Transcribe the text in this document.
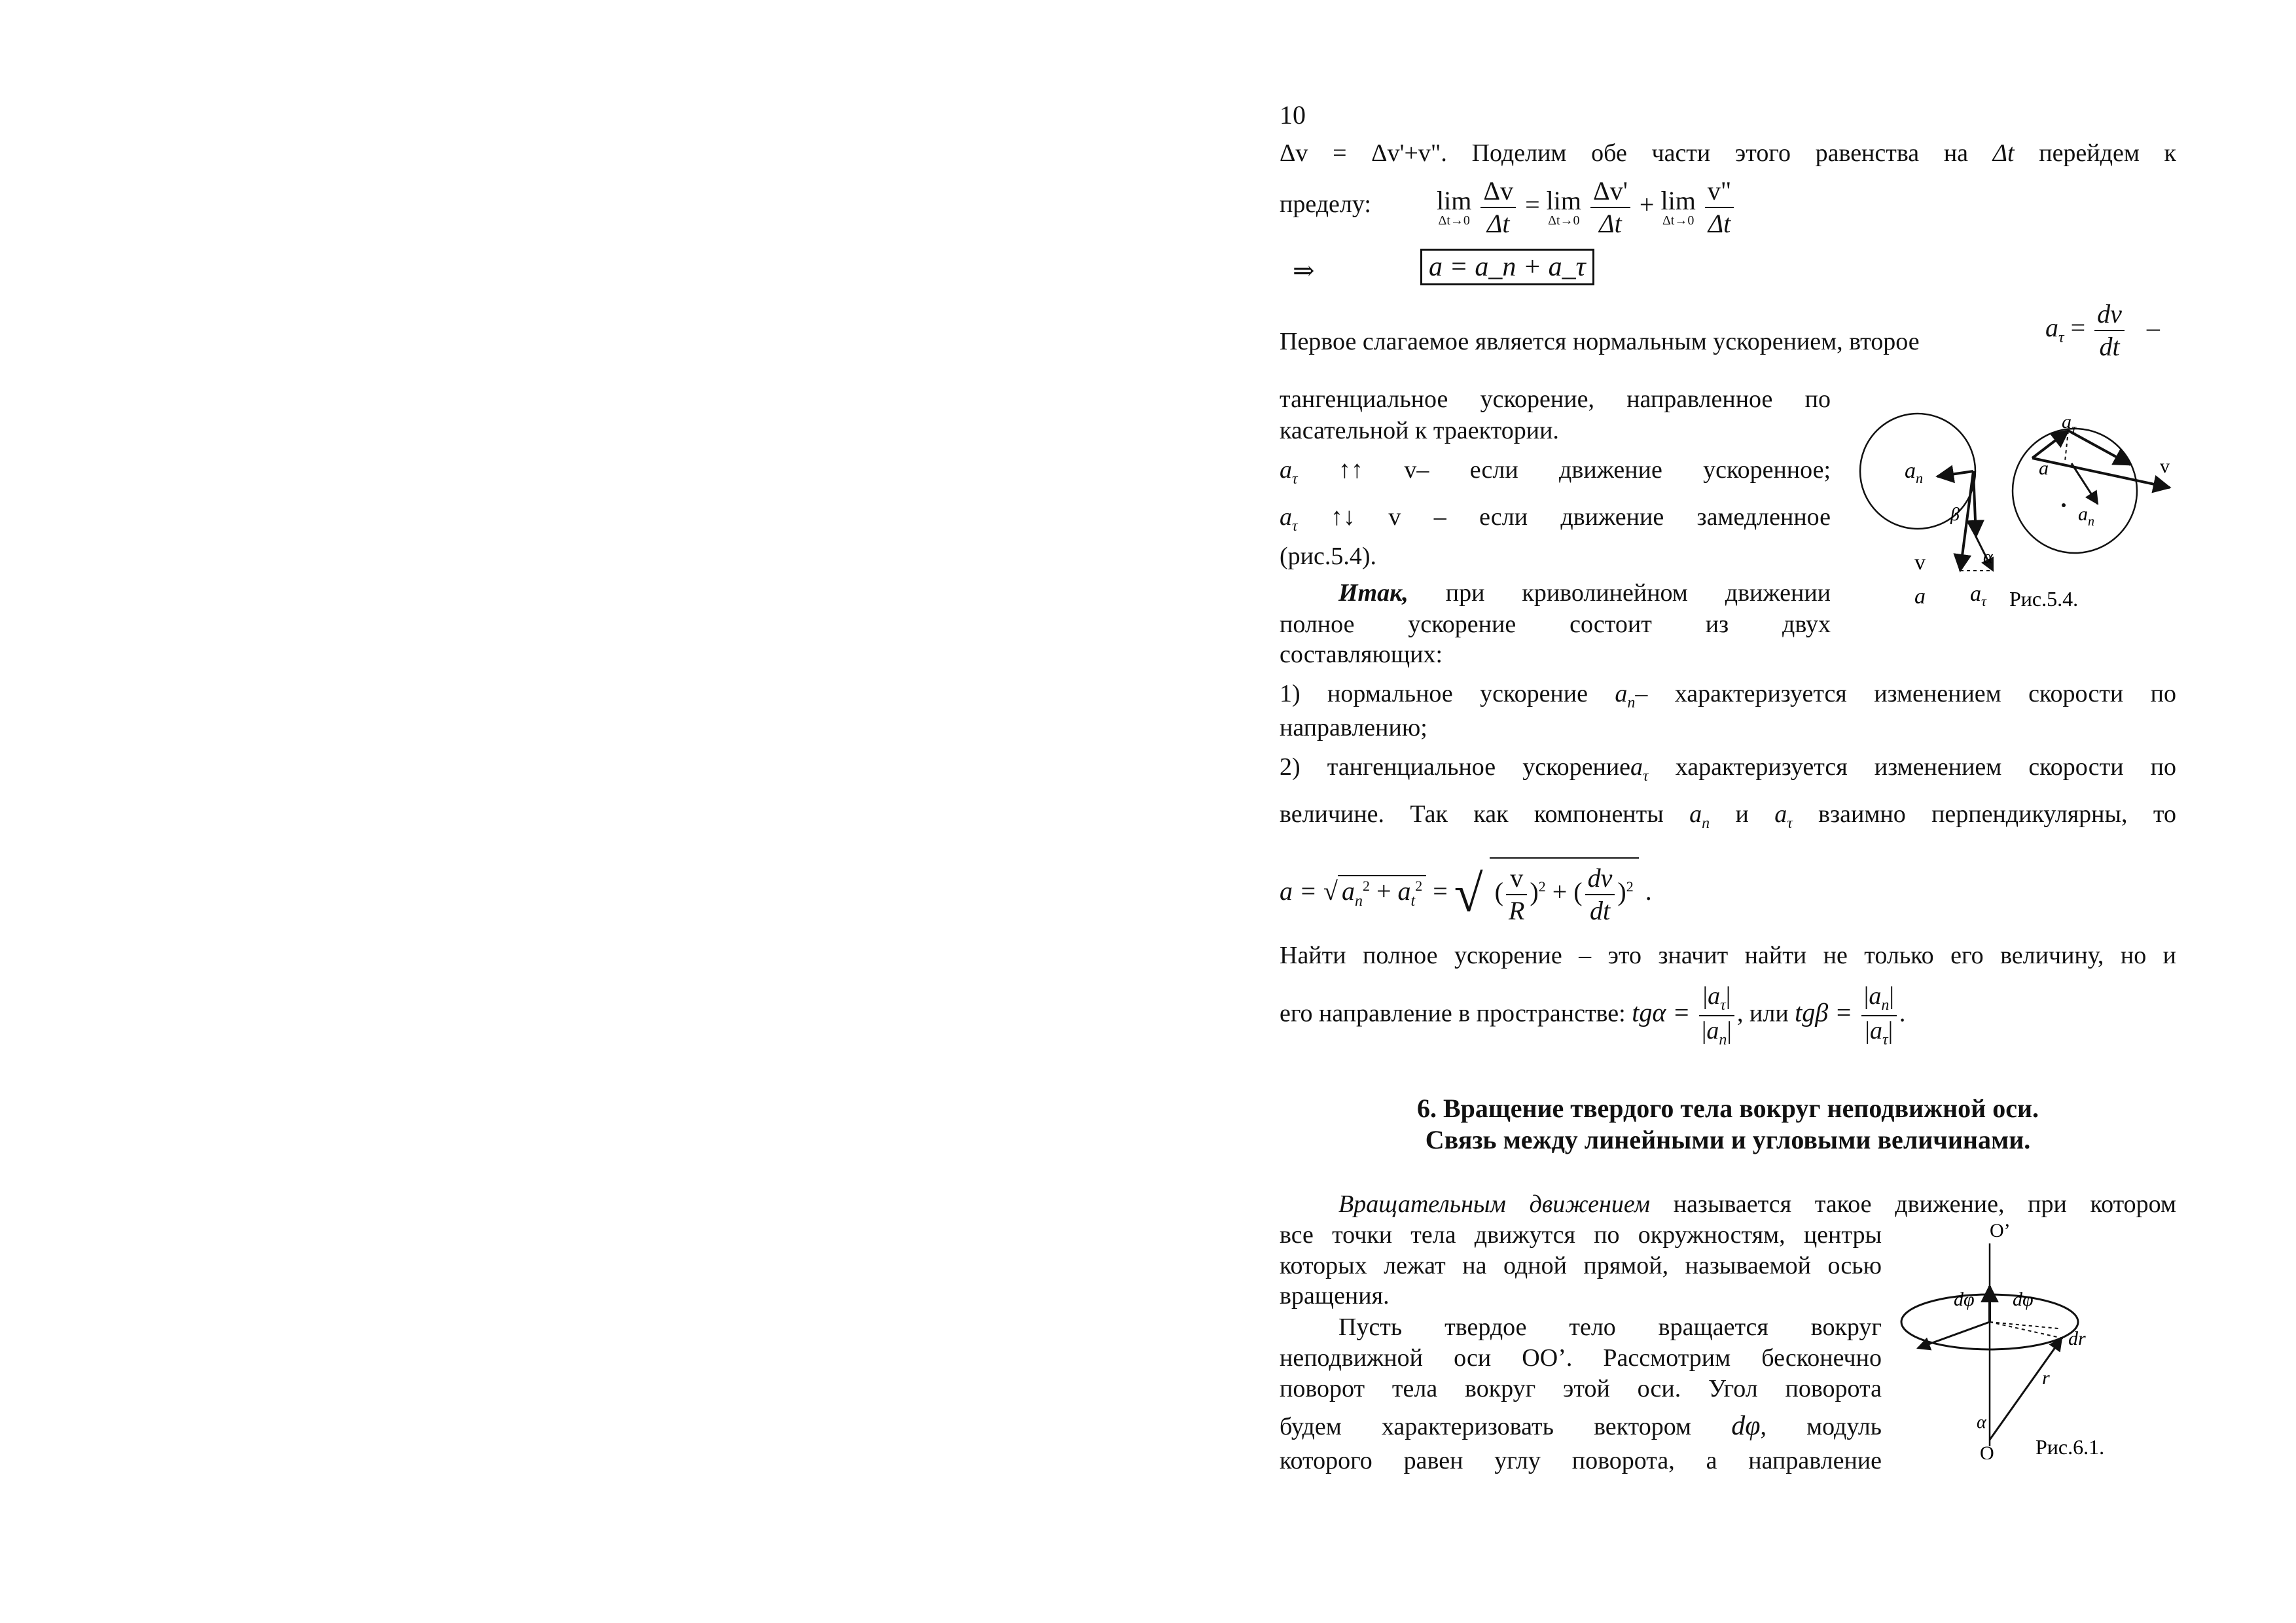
10
Δv = Δv'+v". Поделим обе части этого равенства на Δt перейдем к
пределу:	lim
Δt→0
$\frac{\Delta v}{\Delta t} = \lim$
Δt→0
$\frac{\Delta v'}{\Delta t} + \lim$
Δt→0
$\frac{v"}{\Delta t}$
⇒	a = a_n + a_τ
Первое слагаемое является нормальным ускорением, второе	$a_\tau = \frac{dv}{dt}$ –
тангенциальное ускорение, направленное по
касательной к траектории.
$a_\tau$ ↑↑ v– если движение ускоренное;
$a_\tau$ ↑↓ v – если движение замедленное
(рис.5.4).
Итак, при криволинейном движении
полное ускорение состоит из двух
составляющих:
$a_n$
β
v	α
a $a_\tau$ Рис.5.4.
$a_\tau$
a	v
$a_n$
1) нормальное ускорение $a_n-$ характеризуется изменением скорости по
направлению;
2) тангенциальное ускорениеa$_\tau$ характеризуется изменением скорости по
величине. Так как компоненты $a_n$ и $a_\tau$ взаимно перпендикулярны, то
a = √ $a_n^2 + a_t^2$ = √ ( $\frac{v}{R} )^2$ + ( $\frac{dv}{dt} )^2$ .
Найти полное ускорение – это значит найти не только его величину, но и
его направление в пространстве: $tg\alpha = \frac{|a_\tau|}{|a_n|}$ , или $tg\beta = \frac{|a_n|}{|a_\tau|}$ .
6. Вращение твердого тела вокруг неподвижной оси.
Связь между линейными и угловыми величинами.
Вращательным движением называется такое движение, при котором
все точки тела движутся по окружностям, центры
которых лежат на одной прямой, называемой осью
вращения.
Пусть твердое тело вращается вокруг
неподвижной оси ОО’. Рассмотрим бесконечно
поворот тела вокруг этой оси. Угол поворота
будем характеризовать вектором dφ, модуль
которого равен углу поворота, а направление
O’
O
dφ dφ
dr
r
α
Рис.6.1.
